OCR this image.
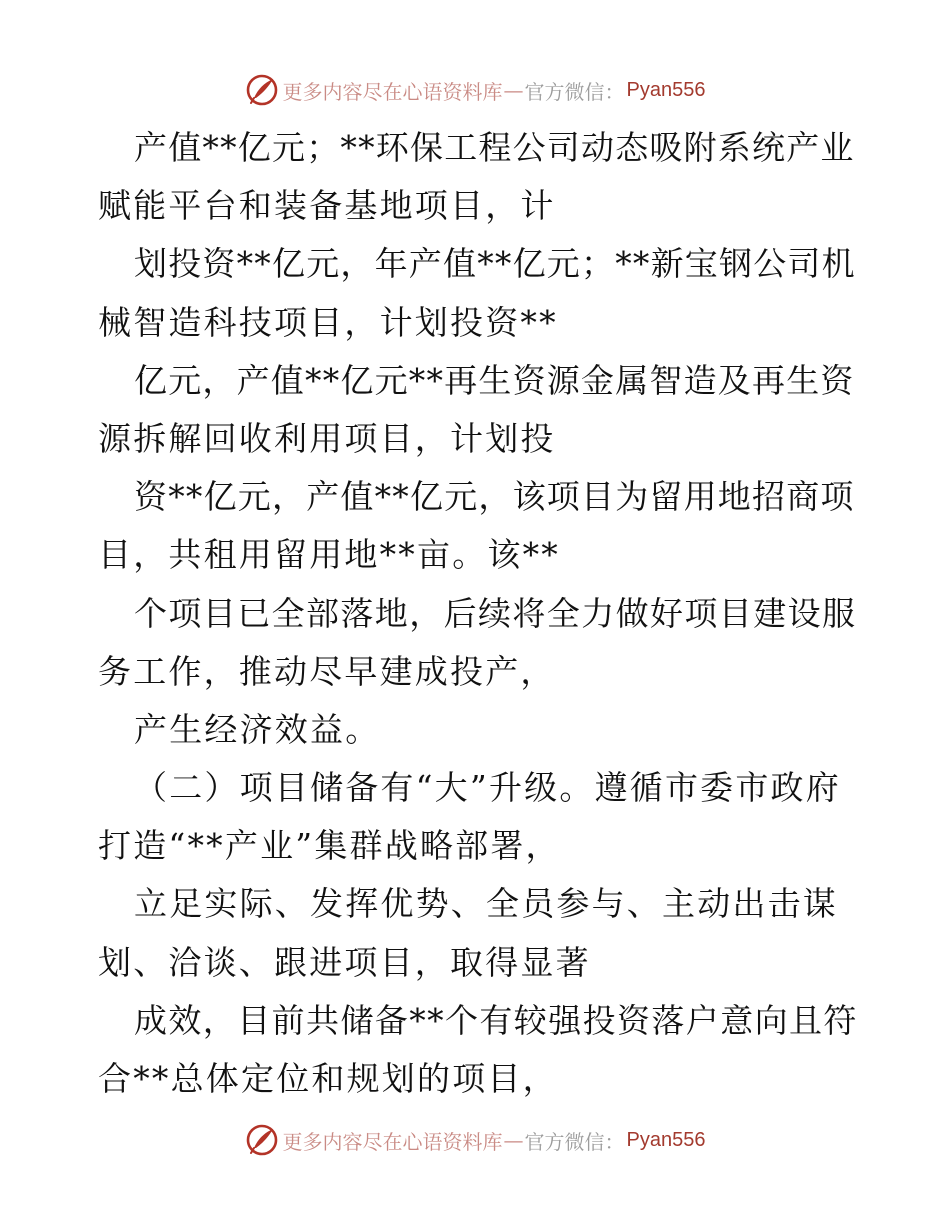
更多内容尽在心语资料库 — 官方微信： Pyan556
产值**亿元；**环保工程公司动态吸附系统产业
赋能平台和装备基地项目，计
划投资**亿元，年产值**亿元；**新宝钢公司机
械智造科技项目，计划投资**
亿元，产值**亿元**再生资源金属智造及再生资
源拆解回收利用项目，计划投
资**亿元，产值**亿元，该项目为留用地招商项
目，共租用留用地**亩。该**
个项目已全部落地，后续将全力做好项目建设服
务工作，推动尽早建成投产，
产生经济效益。
（二）项目储备有“大”升级。遵循市委市政府
打造“**产业”集群战略部署，
立足实际、发挥优势、全员参与、主动出击谋
划、洽谈、跟进项目，取得显著
成效，目前共储备**个有较强投资落户意向且符
合**总体定位和规划的项目，
更多内容尽在心语资料库 — 官方微信： Pyan556
